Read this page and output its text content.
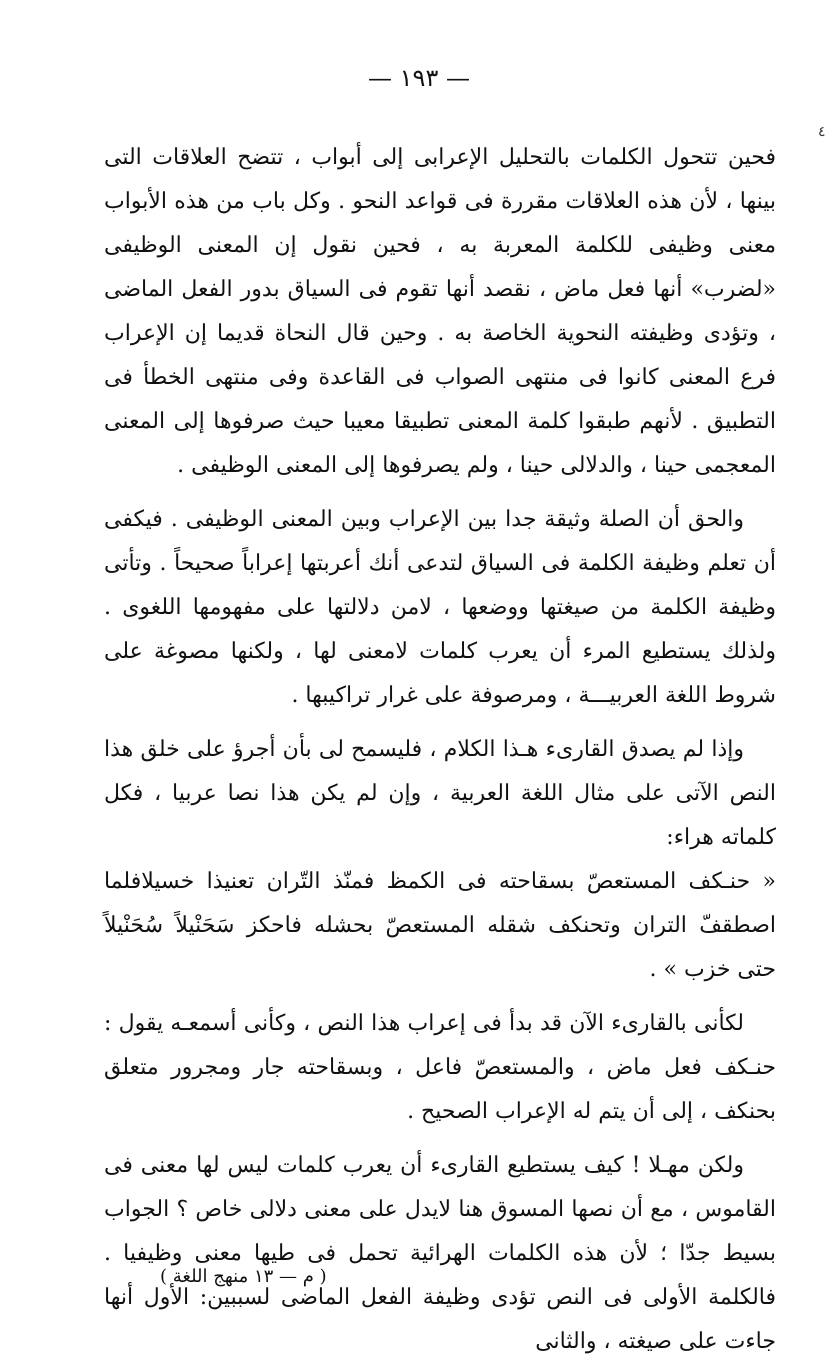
— ١٩٣ —
٤

فحين تتحول الكلمات بالتحليل الإعرابى إلى أبواب ، تتضح العلاقات التى بينها ، لأن هذه العلاقات مقررة فى قواعد النحو . وكل باب من هذه الأبواب معنى وظيفى للكلمة المعربة به ، فحين نقول إن المعنى الوظيفى «لضرب» أنها فعل ماض ، نقصد أنها تقوم فى السياق بدور الفعل الماضى ، وتؤدى وظيفته النحوية الخاصة به . وحين قال النحاة قديما إن الإعراب فرع المعنى كانوا فى منتهى الصواب فى القاعدة وفى منتهى الخطأ فى التطبيق . لأنهم طبقوا كلمة المعنى تطبيقا معيبا حيث صرفوها إلى المعنى المعجمى حينا ، والدلالى حينا ، ولم يصرفوها إلى المعنى الوظيفى .

والحق أن الصلة وثيقة جدا بين الإعراب وبين المعنى الوظيفى . فيكفى أن تعلم وظيفة الكلمة فى السياق لتدعى أنك أعربتها إعراباً صحيحاً . وتأتى وظيفة الكلمة من صيغتها ووضعها ، لامن دلالتها على مفهومها اللغوى . ولذلك يستطيع المرء أن يعرب كلمات لامعنى لها ، ولكنها مصوغة على شروط اللغة العربيـــة ، ومرصوفة على غرار تراكيبها .

وإذا لم يصدق القارىء هـذا الكلام ، فليسمح لى بأن أجرؤ على خلق هذا النص الآتى على مثال اللغة العربية ، وإن لم يكن هذا نصا عربيا ، فكل كلماته هراء:

« حنـكف المستعصّ بسقاحته فى الكمظ فمنّذ التّران تعنيذا خسيلافلما اصطقفّ التران وتحنكف شقله المستعصّ بحشله فاحكز سَحَنْيلاً سُحَنْيلاً حتى خزب » .

لكأنى بالقارىء الآن قد بدأ فى إعراب هذا النص ، وكأنى أسمعـه يقول : حنـكف فعل ماض ، والمستعصّ فاعل ، وبسقاحته جار ومجرور متعلق بحنكف ، إلى أن يتم له الإعراب الصحيح .

ولكن مهـلا ! كيف يستطيع القارىء أن يعرب كلمات ليس لها معنى فى القاموس ، مع أن نصها المسوق هنا لايدل على معنى دلالى خاص ؟ الجواب بسيط جدّا ؛ لأن هذه الكلمات الهرائية تحمل فى طيها معنى وظيفيا . فالكلمة الأولى فى النص تؤدى وظيفة الفعل الماضى لسببين: الأول أنها جاءت على صيغته ، والثانى

( م — ١٣ منهج اللغة )
